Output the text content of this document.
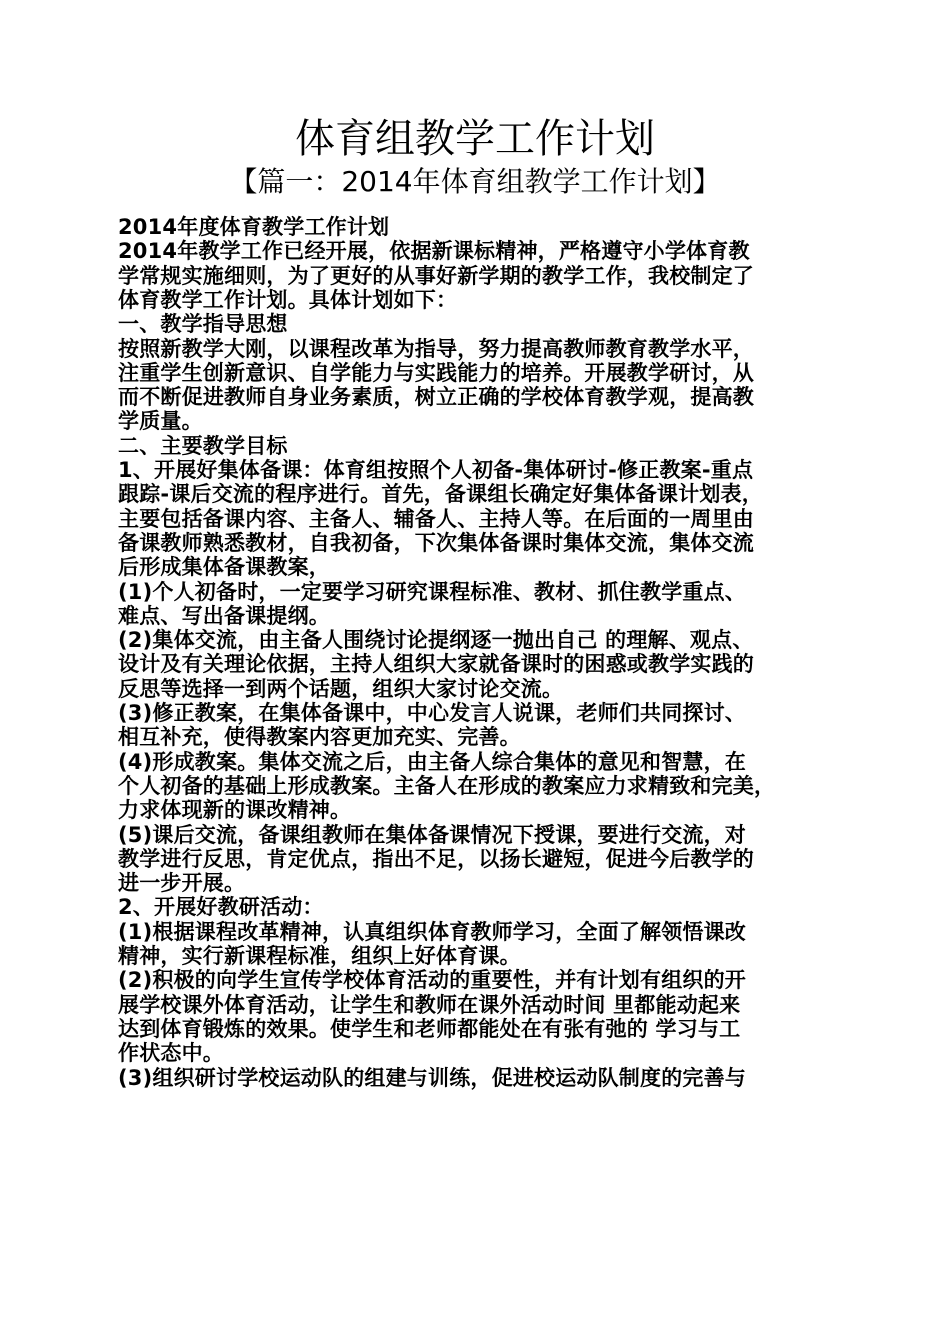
体育组教学工作计划
【篇一：2014年体育组教学工作计划】
2014年度体育教学工作计划
2014年教学工作已经开展，依据新课标精神，严格遵守小学体育教
学常规实施细则，为了更好的从事好新学期的教学工作，我校制定了
体育教学工作计划。具体计划如下：
一、教学指导思想
按照新教学大刚，以课程改革为指导，努力提高教师教育教学水平，
注重学生创新意识、自学能力与实践能力的培养。开展教学研讨，从
而不断促进教师自身业务素质，树立正确的学校体育教学观，提高教
学质量。
二、主要教学目标
1、开展好集体备课：体育组按照个人初备-集体研讨-修正教案-重点
跟踪-课后交流的程序进行。首先，备课组长确定好集体备课计划表，
主要包括备课内容、主备人、辅备人、主持人等。在后面的一周里由
备课教师熟悉教材，自我初备，下次集体备课时集体交流，集体交流
后形成集体备课教案，
(1)个人初备时，一定要学习研究课程标准、教材、抓住教学重点、
难点、写出备课提纲。
(2)集体交流，由主备人围绕讨论提纲逐一抛出自己 的理解、观点、
设计及有关理论依据，主持人组织大家就备课时的困惑或教学实践的
反思等选择一到两个话题，组织大家讨论交流。
(3)修正教案，在集体备课中，中心发言人说课，老师们共同探讨、
相互补充，使得教案内容更加充实、完善。
(4)形成教案。集体交流之后，由主备人综合集体的意见和智慧，在
个人初备的基础上形成教案。主备人在形成的教案应力求精致和完美，
力求体现新的课改精神。
(5)课后交流，备课组教师在集体备课情况下授课，要进行交流，对
教学进行反思，肯定优点，指出不足，以扬长避短，促进今后教学的
进一步开展。
2、开展好教研活动：
(1)根据课程改革精神，认真组织体育教师学习，全面了解领悟课改
精神，实行新课程标准，组织上好体育课。
(2)积极的向学生宣传学校体育活动的重要性，并有计划有组织的开
展学校课外体育活动，让学生和教师在课外活动时间 里都能动起来
达到体育锻炼的效果。使学生和老师都能处在有张有弛的 学习与工
作状态中。
(3)组织研讨学校运动队的组建与训练，促进校运动队制度的完善与
